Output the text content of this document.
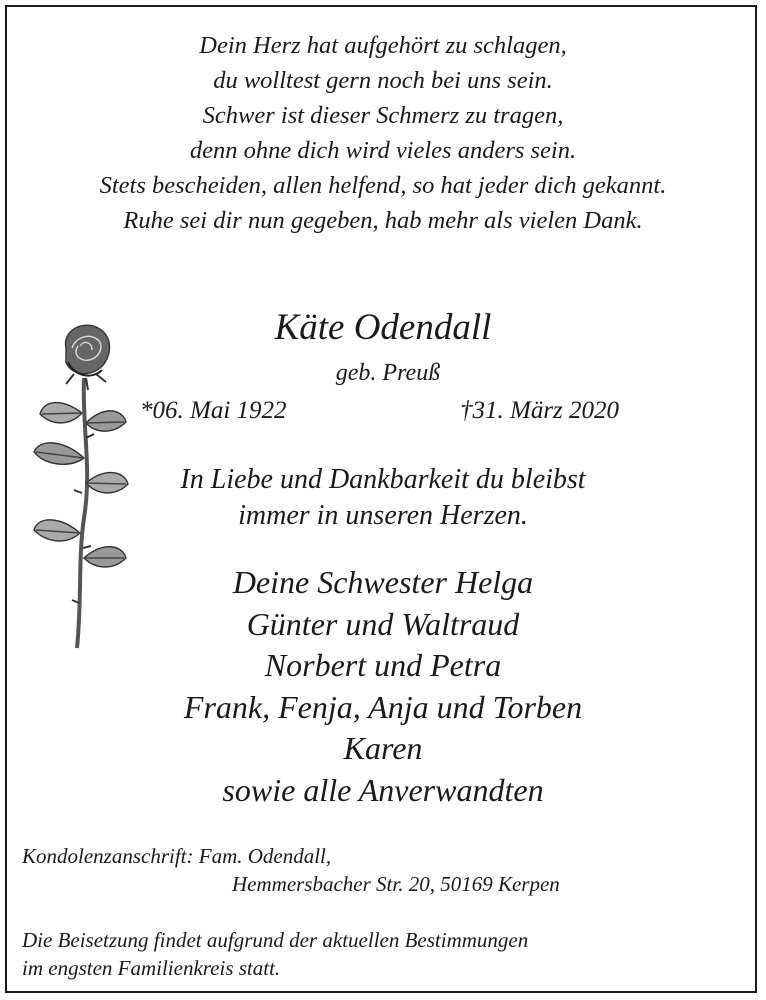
Dein Herz hat aufgehört zu schlagen,
du wolltest gern noch bei uns sein.
Schwer ist dieser Schmerz zu tragen,
denn ohne dich wird vieles anders sein.
Stets bescheiden, allen helfend, so hat jeder dich gekannt.
Ruhe sei dir nun gegeben, hab mehr als vielen Dank.
Käte Odendall
geb. Preuß
*06. Mai 1922	†31. März 2020
In Liebe und Dankbarkeit du bleibst
immer in unseren Herzen.
Deine Schwester Helga
Günter und Waltraud
Norbert und Petra
Frank, Fenja, Anja und Torben
Karen
sowie alle Anverwandten
Kondolenzanschrift: Fam. Odendall,
Hemmersbacher Str. 20, 50169 Kerpen
Die Beisetzung findet aufgrund der aktuellen Bestimmungen
im engsten Familienkreis statt.
